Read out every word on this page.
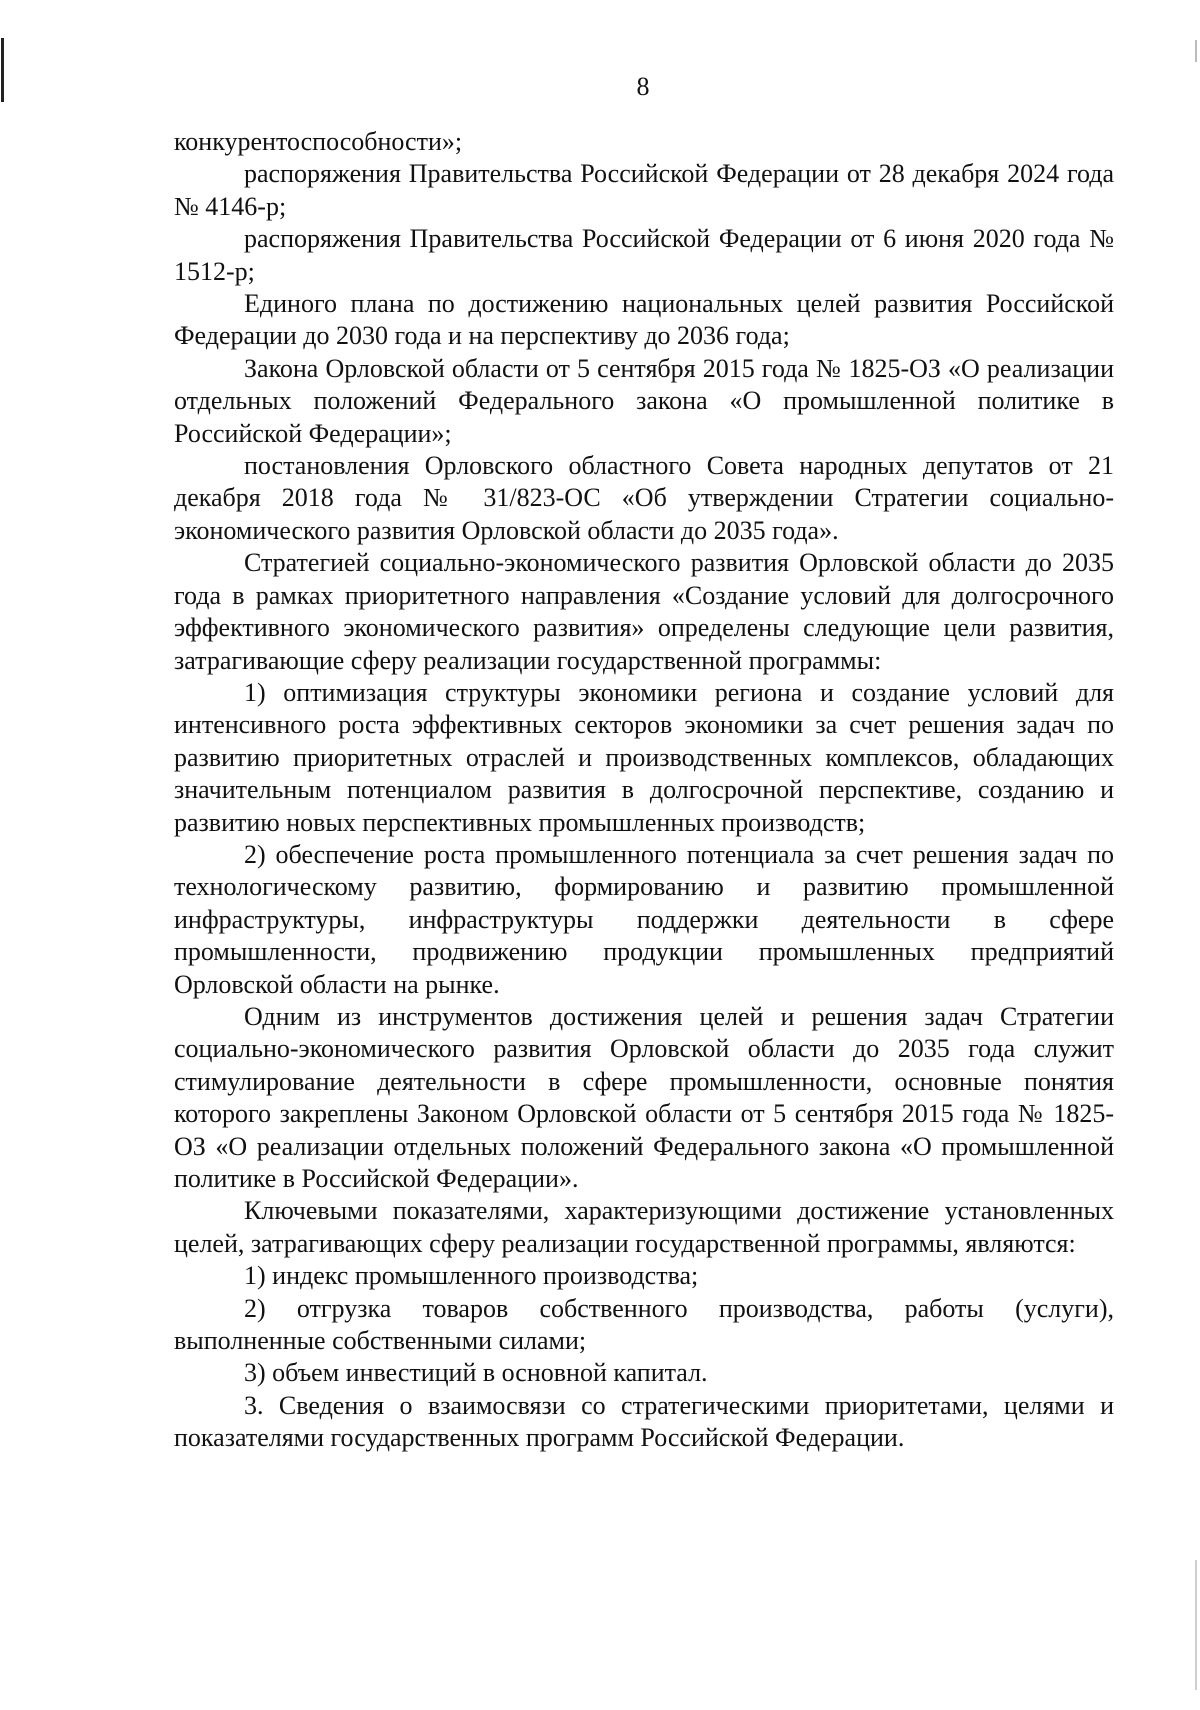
8

конкурентоспособности»;

распоряжения Правительства Российской Федерации от 28 декабря 2024 года № 4146-р;

распоряжения Правительства Российской Федерации от 6 июня 2020 года № 1512-р;

Единого плана по достижению национальных целей развития Российской Федерации до 2030 года и на перспективу до 2036 года;

Закона Орловской области от 5 сентября 2015 года № 1825-ОЗ «О реализации отдельных положений Федерального закона «О промышленной политике в Российской Федерации»;

постановления Орловского областного Совета народных депутатов от 21 декабря 2018 года № 31/823-ОС «Об утверждении Стратегии социально-экономического развития Орловской области до 2035 года».

Стратегией социально-экономического развития Орловской области до 2035 года в рамках приоритетного направления «Создание условий для долгосрочного эффективного экономического развития» определены следующие цели развития, затрагивающие сферу реализации государственной программы:

1) оптимизация структуры экономики региона и создание условий для интенсивного роста эффективных секторов экономики за счет решения задач по развитию приоритетных отраслей и производственных комплексов, обладающих значительным потенциалом развития в долгосрочной перспективе, созданию и развитию новых перспективных промышленных производств;

2) обеспечение роста промышленного потенциала за счет решения задач по технологическому развитию, формированию и развитию промышленной инфраструктуры, инфраструктуры поддержки деятельности в сфере промышленности, продвижению продукции промышленных предприятий Орловской области на рынке.

Одним из инструментов достижения целей и решения задач Стратегии социально-экономического развития Орловской области до 2035 года служит стимулирование деятельности в сфере промышленности, основные понятия которого закреплены Законом Орловской области от 5 сентября 2015 года № 1825-ОЗ «О реализации отдельных положений Федерального закона «О промышленной политике в Российской Федерации».

Ключевыми показателями, характеризующими достижение установленных целей, затрагивающих сферу реализации государственной программы, являются:

1) индекс промышленного производства;

2) отгрузка товаров собственного производства, работы (услуги), выполненные собственными силами;

3) объем инвестиций в основной капитал.

3. Сведения о взаимосвязи со стратегическими приоритетами, целями и показателями государственных программ Российской Федерации.
